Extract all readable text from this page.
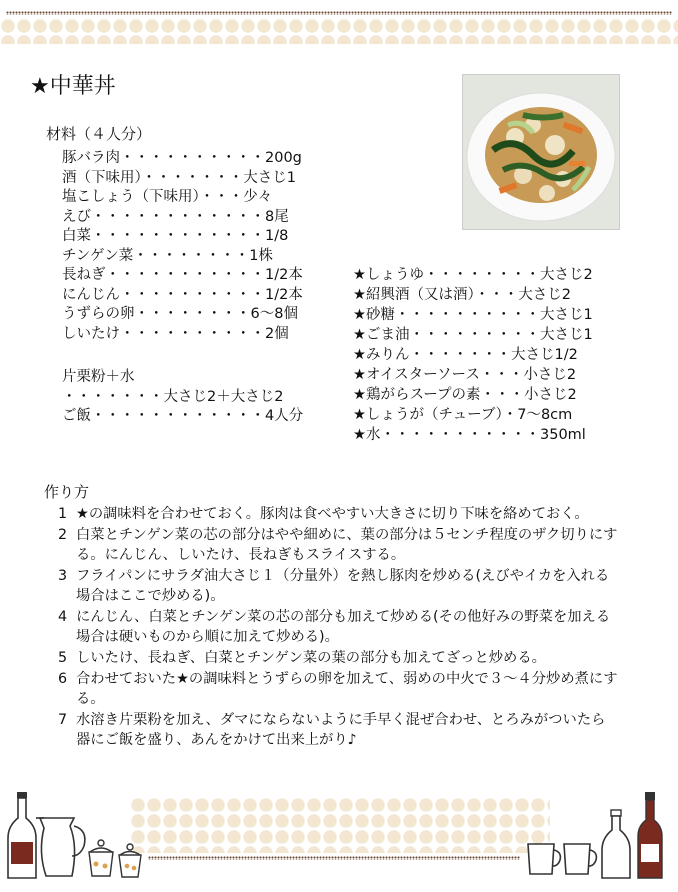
★中華丼
材料（４人分）
豚バラ肉・・・・・・・・・・200g
酒（下味用）・・・・・・・大さじ1
塩こしょう（下味用）・・・少々
えび・・・・・・・・・・・・8尾
白菜・・・・・・・・・・・・1/8
チンゲン菜・・・・・・・・1株
長ねぎ・・・・・・・・・・・1/2本
にんじん・・・・・・・・・・1/2本
うずらの卵・・・・・・・・6〜8個
しいたけ・・・・・・・・・・2個
片栗粉＋水
・・・・・・・大さじ2＋大さじ2
ご飯・・・・・・・・・・・・4人分
★しょうゆ・・・・・・・・大さじ2
★紹興酒（又は酒）・・・大さじ2
★砂糖・・・・・・・・・・大さじ1
★ごま油・・・・・・・・・大さじ1
★みりん・・・・・・・大さじ1/2
★オイスターソース・・・小さじ2
★鶏がらスープの素・・・小さじ2
★しょうが（チューブ）・7〜8cm
★水・・・・・・・・・・・350ml
作り方
1 ★の調味料を合わせておく。豚肉は食べやすい大きさに切り下味を絡めておく。
2 白菜とチンゲン菜の芯の部分はやや細めに、葉の部分は５センチ程度のザク切りにする。にんじん、しいたけ、長ねぎもスライスする。
3 フライパンにサラダ油大さじ１（分量外）を熱し豚肉を炒める(えびやイカを入れる場合はここで炒める)。
4 にんじん、白菜とチンゲン菜の芯の部分も加えて炒める(その他好みの野菜を加える場合は硬いものから順に加えて炒める)。
5 しいたけ、長ねぎ、白菜とチンゲン菜の葉の部分も加えてざっと炒める。
6 合わせておいた★の調味料とうずらの卵を加えて、弱めの中火で３〜４分炒め煮にする。
7 水溶き片栗粉を加え、ダマにならないように手早く混ぜ合わせ、とろみがついたら器にご飯を盛り、あんをかけて出来上がり♪
